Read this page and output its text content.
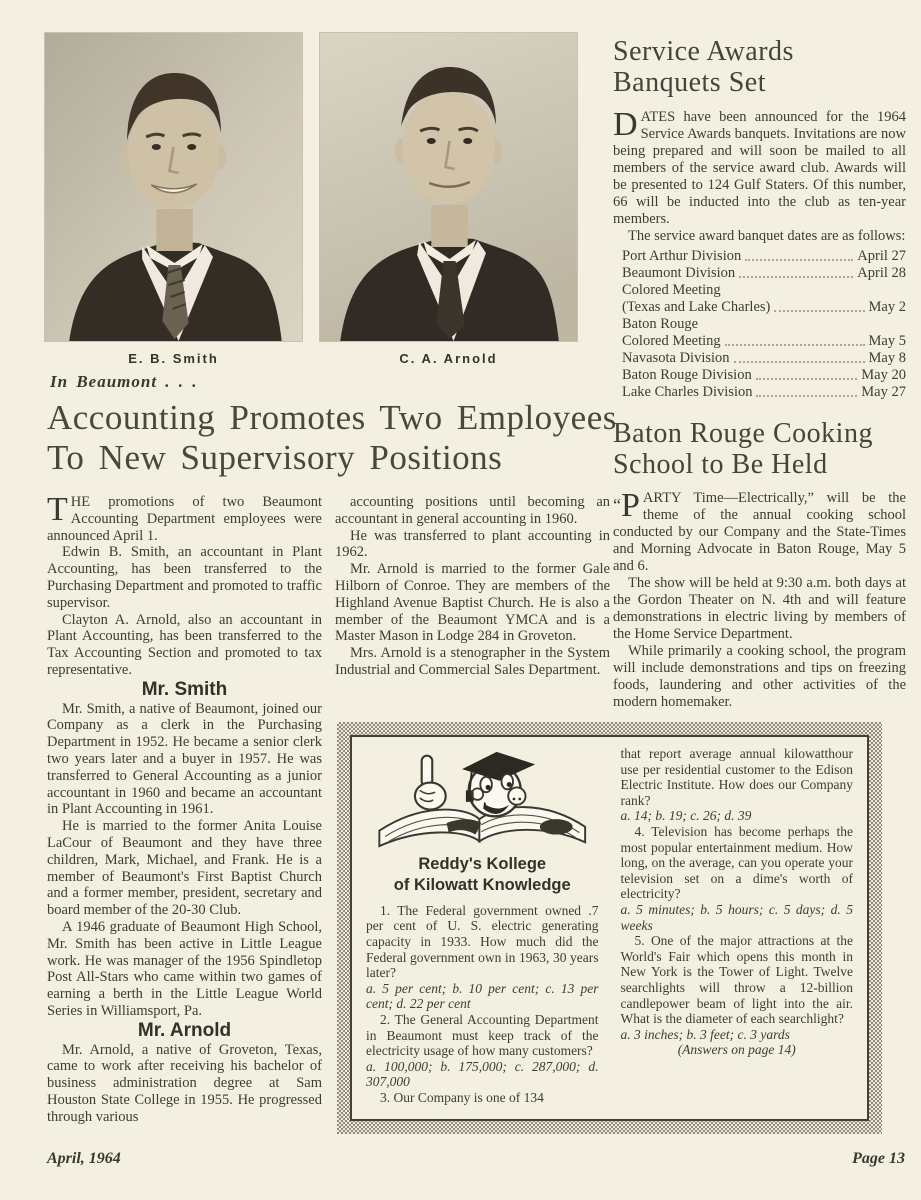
E. B. Smith	C. A. Arnold
In Beaumont . . .
Accounting Promotes Two Employees
To New Supervisory Positions

THE promotions of two Beaumont Accounting Department employees were announced April 1.

Edwin B. Smith, an accountant in Plant Accounting, has been transferred to the Purchasing Department and promoted to traffic supervisor.

Clayton A. Arnold, also an accountant in Plant Accounting, has been transferred to the Tax Accounting Section and promoted to tax representative.

Mr. Smith

Mr. Smith, a native of Beaumont, joined our Company as a clerk in the Purchasing Department in 1952. He became a senior clerk two years later and a buyer in 1957. He was transferred to General Accounting as a junior accountant in 1960 and became an accountant in Plant Accounting in 1961.

He is married to the former Anita Louise LaCour of Beaumont and they have three children, Mark, Michael, and Frank. He is a member of Beaumont's First Baptist Church and a former member, president, secretary and board member of the 20-30 Club.

A 1946 graduate of Beaumont High School, Mr. Smith has been active in Little League work. He was manager of the 1956 Spindletop Post All-Stars who came within two games of earning a berth in the Little League World Series in Williamsport, Pa.

Mr. Arnold

Mr. Arnold, a native of Groveton, Texas, came to work after receiving his bachelor of business administration degree at Sam Houston State College in 1955. He progressed through various

accounting positions until becoming an accountant in general accounting in 1960.

He was transferred to plant accounting in 1962.

Mr. Arnold is married to the former Gale Hilborn of Conroe. They are members of the Highland Avenue Baptist Church. He is also a member of the Beaumont YMCA and is a Master Mason in Lodge 284 in Groveton.

Mrs. Arnold is a stenographer in the System Industrial and Commercial Sales Department.

Service Awards
Banquets Set

DATES have been announced for the 1964 Service Awards banquets. Invitations are now being prepared and will soon be mailed to all members of the service award club. Awards will be presented to 124 Gulf Staters. Of this number, 66 will be inducted into the club as ten-year members.

The service award banquet dates are as follows:

Port Arthur Division	April 27
Beaumont Division	April 28
Colored Meeting
(Texas and Lake Charles)	May 2
Baton Rouge
Colored Meeting	May 5
Navasota Division	May 8
Baton Rouge Division	May 20
Lake Charles Division	May 27
Baton Rouge Cooking
School to Be Held

“ P ARTY Time—Electrically,” will be the theme of the annual cooking school conducted by our Company and the State-Times and Morning Advocate in Baton Rouge, May 5 and 6.

The show will be held at 9:30 a.m. both days at the Gordon Theater on N. 4th and will feature demonstrations in electric living by members of the Home Service Department.

While primarily a cooking school, the program will include demonstrations and tips on freezing foods, laundering and other activities of the modern homemaker.

Reddy's Kollege
of Kilowatt Knowledge

1. The Federal government owned .7 per cent of U. S. electric generating capacity in 1933. How much did the Federal government own in 1963, 30 years later?

a. 5 per cent; b. 10 per cent; c. 13 per cent; d. 22 per cent

2. The General Accounting Department in Beaumont must keep track of the electricity usage of how many customers?

a. 100,000; b. 175,000; c. 287,000; d. 307,000

3. Our Company is one of 134

that report average annual kilowatthour use per residential customer to the Edison Electric Institute. How does our Company rank?

a. 14; b. 19; c. 26; d. 39

4. Television has become perhaps the most popular entertainment medium. How long, on the average, can you operate your television set on a dime's worth of electricity?

a. 5 minutes; b. 5 hours; c. 5 days; d. 5 weeks

5. One of the major attractions at the World's Fair which opens this month in New York is the Tower of Light. Twelve searchlights will throw a 12-billion candlepower beam of light into the air. What is the diameter of each searchlight?

a. 3 inches; b. 3 feet; c. 3 yards

(Answers on page 14)

April, 1964	Page 13
